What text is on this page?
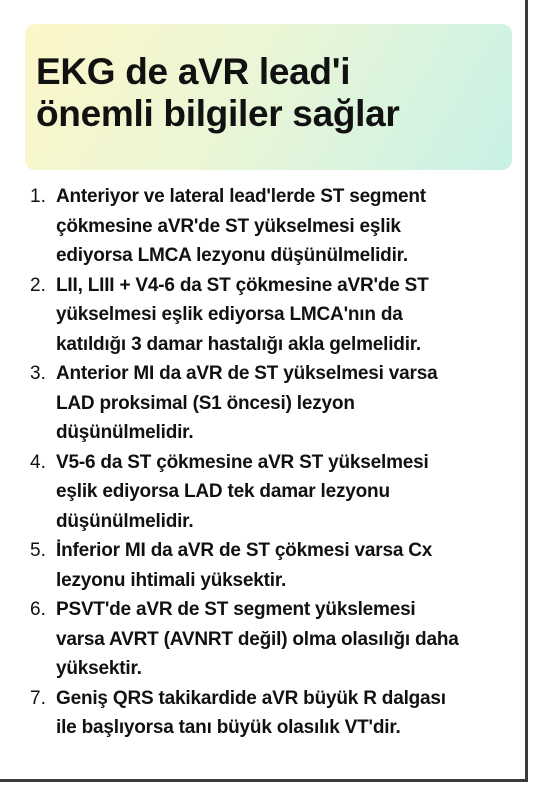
EKG de aVR lead'i
önemli bilgiler sağlar
1. Anteriyor ve lateral lead'lerde ST segment
çökmesine aVR'de ST yükselmesi eşlik
ediyorsa LMCA lezyonu düşünülmelidir.
2. LII, LIII + V4-6 da ST çökmesine aVR'de ST
yükselmesi eşlik ediyorsa LMCA'nın da
katıldığı 3 damar hastalığı akla gelmelidir.
3. Anterior MI da aVR de ST yükselmesi varsa
LAD proksimal (S1 öncesi) lezyon
düşünülmelidir.
4. V5-6 da ST çökmesine aVR ST yükselmesi
eşlik ediyorsa LAD tek damar lezyonu
düşünülmelidir.
5. İnferior MI da aVR de ST çökmesi varsa Cx
lezyonu ihtimali yüksektir.
6. PSVT'de aVR de ST segment yükslemesi
varsa AVRT (AVNRT değil) olma olasılığı daha
yüksektir.
7. Geniş QRS takikardide aVR büyük R dalgası
ile başlıyorsa tanı büyük olasılık VT'dir.
